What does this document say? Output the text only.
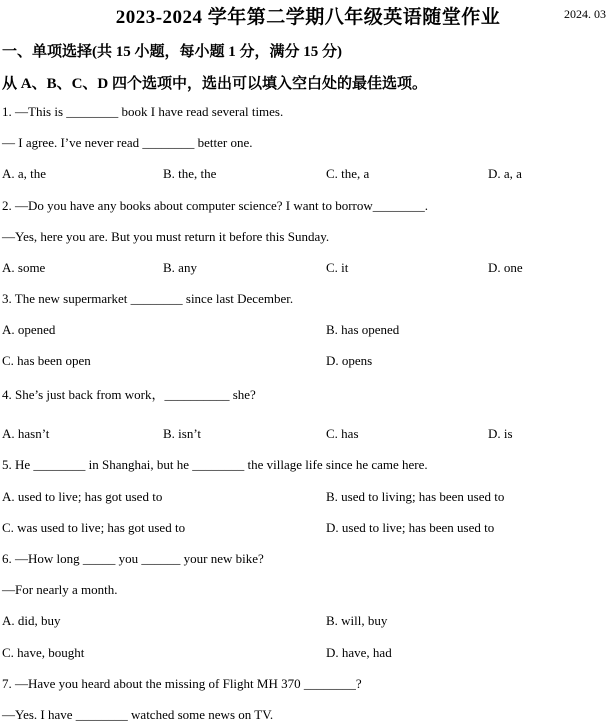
2023-2024 学年第二学期八年级英语随堂作业	2024. 03
一、单项选择(共 15 小题，每小题 1 分，满分 15 分)
从 A、B、C、D 四个选项中，选出可以填入空白处的最佳选项。
1. —This is ________ book I have read several times.
— I agree. I’ve never read ________ better one.
A. a, the	B. the, the	C. the, a	D. a, a
2. —Do you have any books about computer science? I want to borrow________.
—Yes, here you are. But you must return it before this Sunday.
A. some	B. any	C. it	D. one
3. The new supermarket ________ since last December.
A. opened	B. has opened
C. has been open	D. opens
4. She’s just back from work，__________ she?
A. hasn’t	B. isn’t	C. has	D. is
5. He ________ in Shanghai, but he ________ the village life since he came here.
A. used to live; has got used to	B. used to living; has been used to
C. was used to live; has got used to	D. used to live; has been used to
6. —How long _____ you ______ your new bike?
—For nearly a month.
A. did, buy	B. will, buy
C. have, bought	D. have, had
7. —Have you heard about the missing of Flight MH 370 ________?
—Yes. I have ________ watched some news on TV.
